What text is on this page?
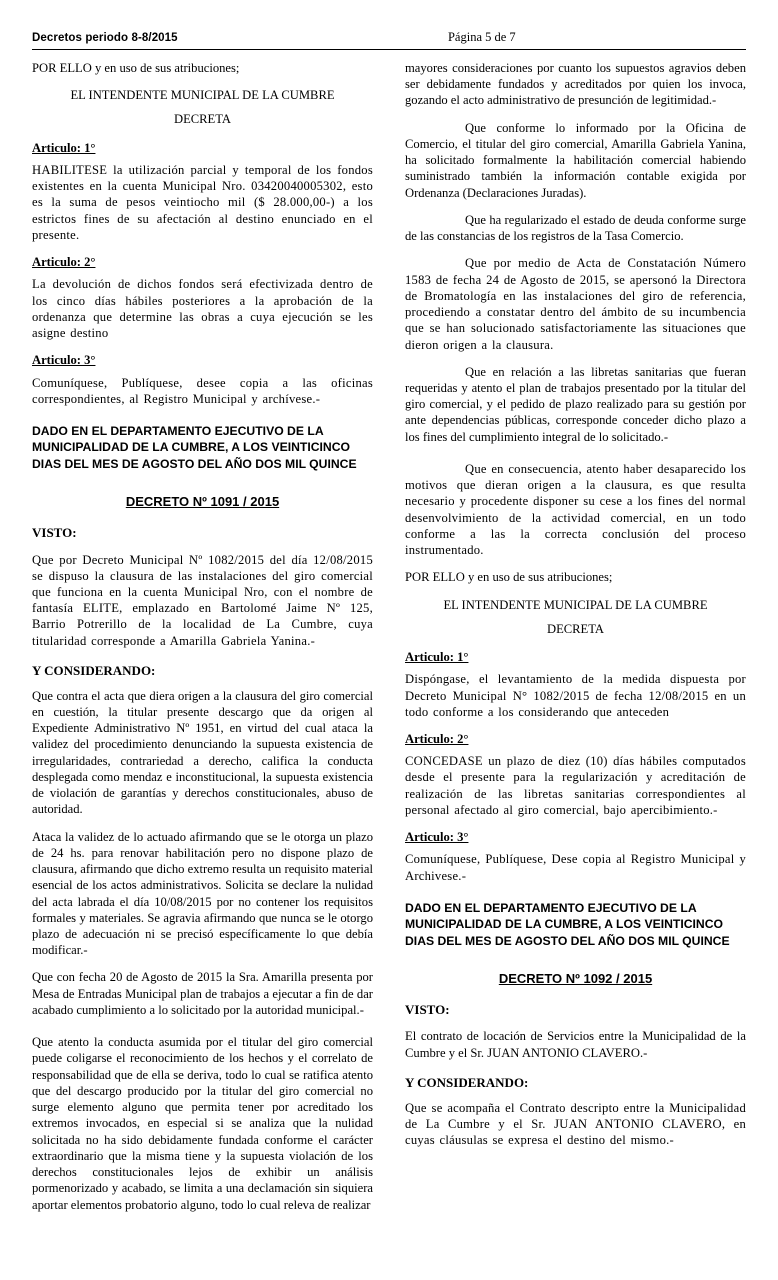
Decretos periodo 8-8/2015	Página 5 de 7

POR ELLO y en uso de sus atribuciones;

EL INTENDENTE MUNICIPAL DE LA CUMBRE

DECRETA

Articulo: 1°

HABILITESE la utilización parcial y temporal de los fondos existentes en la cuenta Municipal Nro. 03420040005302, esto es la suma de pesos veintiocho mil ($ 28.000,00-) a los estrictos fines de su afectación al destino enunciado en el presente.

Articulo: 2°

La devolución de dichos fondos será efectivizada dentro de los cinco días hábiles posteriores a la aprobación de la ordenanza que determine las obras a cuya ejecución se les asigne destino

Articulo: 3°

Comuníquese, Publíquese, desee copia a las oficinas correspondientes, al Registro Municipal y archívese.-

DADO EN EL DEPARTAMENTO EJECUTIVO DE LA MUNICIPALIDAD DE LA CUMBRE, A LOS VEINTICINCO DIAS DEL MES DE AGOSTO DEL AÑO DOS MIL QUINCE

DECRETO Nº 1091 / 2015

VISTO:

Que por Decreto Municipal Nº 1082/2015 del día 12/08/2015 se dispuso la clausura de las instalaciones del giro comercial que funciona en la cuenta Municipal Nro, con el nombre de fantasía ELITE, emplazado en Bartolomé Jaime Nº 125, Barrio Potrerillo de la localidad de La Cumbre, cuya titularidad corresponde a Amarilla Gabriela Yanina.-

Y CONSIDERANDO:

Que contra el acta que diera origen a la clausura del giro comercial en cuestión, la titular presente descargo que da origen al Expediente Administrativo Nº 1951, en virtud del cual ataca la validez del procedimiento denunciando la supuesta existencia de irregularidades, contrariedad a derecho, califica la conducta desplegada como mendaz e inconstitucional, la supuesta existencia de violación de garantías y derechos constitucionales, abuso de autoridad.

Ataca la validez de lo actuado afirmando que se le otorga un plazo de 24 hs. para renovar habilitación pero no dispone plazo de clausura, afirmando que dicho extremo resulta un requisito material esencial de los actos administrativos. Solicita se declare la nulidad del acta labrada el día 10/08/2015 por no contener los requisitos formales y materiales. Se agravia afirmando que nunca se le otorgo plazo de adecuación ni se precisó específicamente lo que debía modificar.-

Que con fecha 20 de Agosto de 2015 la Sra. Amarilla presenta por Mesa de Entradas Municipal plan de trabajos a ejecutar a fin de dar acabado cumplimiento a lo solicitado por la autoridad municipal.-

Que atento la conducta asumida por el titular del giro comercial puede coligarse el reconocimiento de los hechos y el correlato de responsabilidad que de ella se deriva, todo lo cual se ratifica atento que del descargo producido por la titular del giro comercial no surge elemento alguno que permita tener por acreditado los extremos invocados, en especial si se analiza que la nulidad solicitada no ha sido debidamente fundada conforme el carácter extraordinario que la misma tiene y la supuesta violación de los derechos constitucionales lejos de exhibir un análisis pormenorizado y acabado, se limita a una declamación sin siquiera aportar elementos probatorio alguno, todo lo cual releva de realizar

mayores consideraciones por cuanto los supuestos agravios deben ser debidamente fundados y acreditados por quien los invoca, gozando el acto administrativo de presunción de legitimidad.-

Que conforme lo informado por la Oficina de Comercio, el titular del giro comercial, Amarilla Gabriela Yanina, ha solicitado formalmente la habilitación comercial habiendo suministrado también la información contable exigida por Ordenanza (Declaraciones Juradas).

Que ha regularizado el estado de deuda conforme surge de las constancias de los registros de la Tasa Comercio.

Que por medio de Acta de Constatación Número 1583 de fecha 24 de Agosto de 2015, se apersonó la Directora de Bromatología en las instalaciones del giro de referencia, procediendo a constatar dentro del ámbito de su incumbencia que se han solucionado satisfactoriamente las situaciones que dieron origen a la clausura.

Que en relación a las libretas sanitarias que fueran requeridas y atento el plan de trabajos presentado por la titular del giro comercial, y el pedido de plazo realizado para su gestión por ante dependencias públicas, corresponde conceder dicho plazo a los fines del cumplimiento integral de lo solicitado.-

Que en consecuencia, atento haber desaparecido los motivos que dieran origen a la clausura, es que resulta necesario y procedente disponer su cese a los fines del normal desenvolvimiento de la actividad comercial, en un todo conforme a las la correcta conclusión del proceso instrumentado.

POR ELLO y en uso de sus atribuciones;

EL INTENDENTE MUNICIPAL DE LA CUMBRE

DECRETA

Articulo: 1°

Dispóngase, el levantamiento de la medida dispuesta por Decreto Municipal N° 1082/2015 de fecha 12/08/2015 en un todo conforme a los considerando que anteceden

Articulo: 2°

CONCEDASE un plazo de diez (10) días hábiles computados desde el presente para la regularización y acreditación de realización de las libretas sanitarias correspondientes al personal afectado al giro comercial, bajo apercibimiento.-

Articulo: 3°

Comuníquese, Publíquese, Dese copia al Registro Municipal y Archivese.-

DADO EN EL DEPARTAMENTO EJECUTIVO DE LA MUNICIPALIDAD DE LA CUMBRE, A LOS VEINTICINCO DIAS DEL MES DE AGOSTO DEL AÑO DOS MIL QUINCE

DECRETO Nº 1092 / 2015

VISTO:

El contrato de locación de Servicios entre la Municipalidad de la Cumbre y el Sr. JUAN ANTONIO CLAVERO.-

Y CONSIDERANDO:

Que se acompaña el Contrato descripto entre la Municipalidad de La Cumbre y el Sr. JUAN ANTONIO CLAVERO, en cuyas cláusulas se expresa el destino del mismo.-
